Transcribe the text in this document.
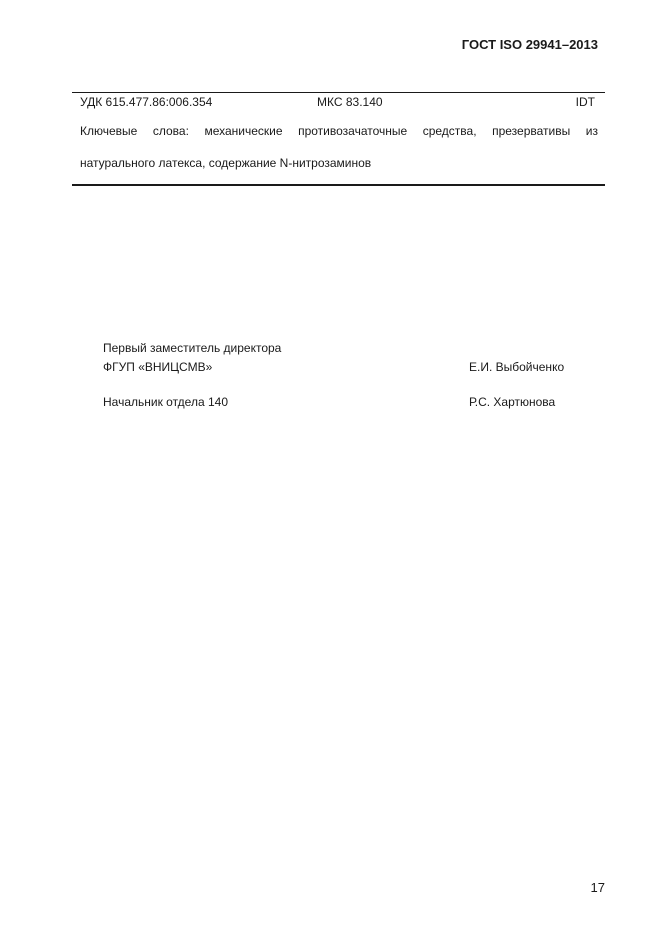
ГОСТ ISO 29941–2013
УДК 615.477.86:006.354	МКС 83.140	IDT
Ключевые слова: механические противозачаточные средства, презервативы из
натурального латекса, содержание N-нитрозаминов
Первый заместитель директора
ФГУП «ВНИЦСМВ»	Е.И. Выбойченко
Начальник отдела 140	Р.С. Хартюнова
17
